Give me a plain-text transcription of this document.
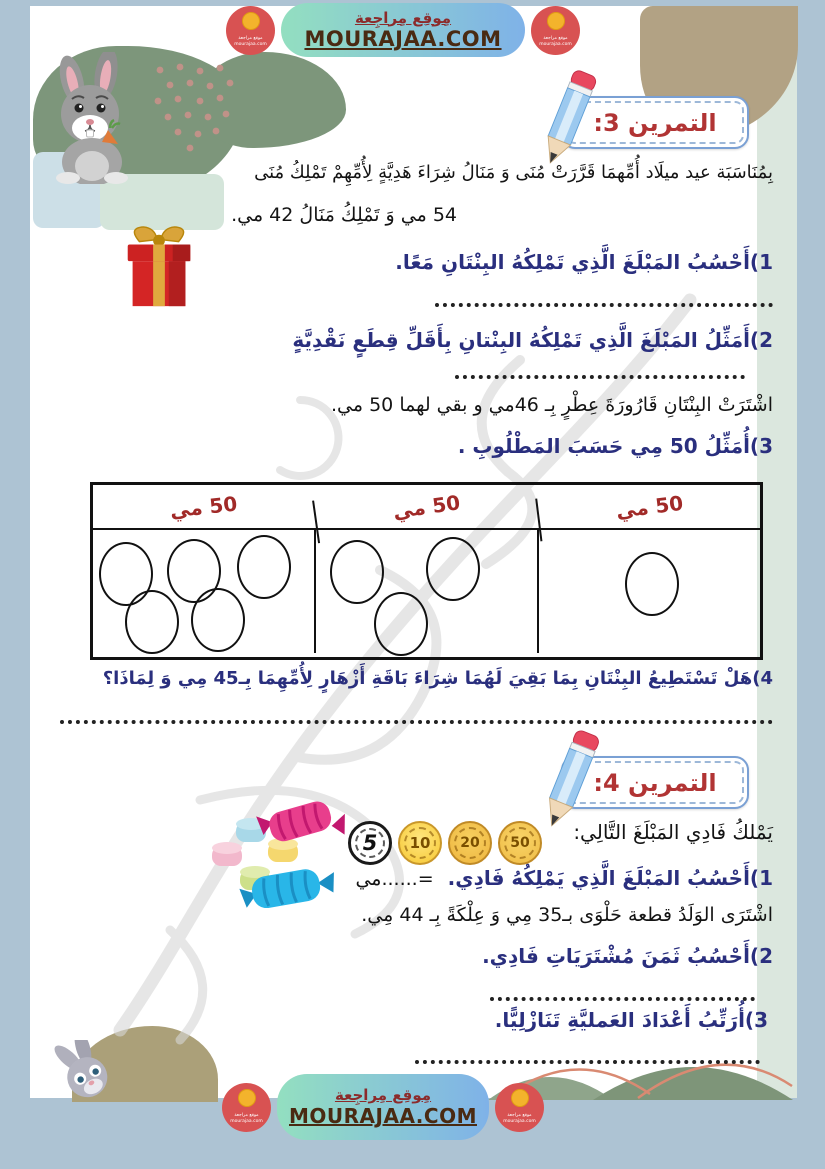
موقع مراجعة
mourajaa.com
مِوقِع مِراجِعة
MOURAJAA.COM	موقع مراجعة
mourajaa.com
التمرين 3:
بِمُنَاسَبَة عيد ميلَاد أُمِّهمَا قَرَّرَتْ مُنَى وَ مَنَالُ شِرَاءَ هَدِيَّةٍ لِأُمِّهِمْ تَمْلِكُ مُنَى
54 مي وَ تَمْلِكُ مَنَالُ 42 مي.
1)أَحْسُبُ المَبْلَغَ الَّذِي تَمْلِكُهُ البِنْتَانِ مَعًا.
2)أَمَثِّلُ المَبْلَغَ الَّذِي تَمْلِكُهُ البِنْتانِ بِأَقَلِّ قِطَعٍ نَقْدِيَّةٍ
اشْتَرَتْ البِنْتَانِ قَارُورَةَ عِطْرٍ بِـ 46مي و بقي لهما 50 مي.
3)أُمَثِّلُ 50 مِي حَسَبَ المَطْلُوبِ .
50 مي	50 مي	50 مي
4)هَلْ تَسْتَطِيعُ البِنْتَانِ بِمَا بَقِيَ لَهُمَا شِرَاءَ بَاقَةِ أَزْهَارٍ لِأُمِّهِمَا بِـ45 مِي وَ لِمَاذَا؟
التمرين 4:
يَمْلكُ فَادِي المَبْلَغَ التَّالِي:
5 10 20 50
1)أَحْسُبُ المَبْلَغَ الَّذِي يَمْلِكُهُ فَادِي.=......مي
اشْتَرَى الوَلَدُ قطعة حَلْوَى بـ35 مِي وَ عِلْكَةً بِـ 44 مِي.
2)أَحْسُبُ ثَمَنَ مُشْتَرَيَاتِ فَادِي.
3)أُرَتِّبُ أَعْدَادَ العَمليَّةِ تَنَازْلِيًّا.
موقع مراجعة
mourajaa.com
مِوقِع مِراجِعة
MOURAJAA.COM	موقع مراجعة
mourajaa.com
